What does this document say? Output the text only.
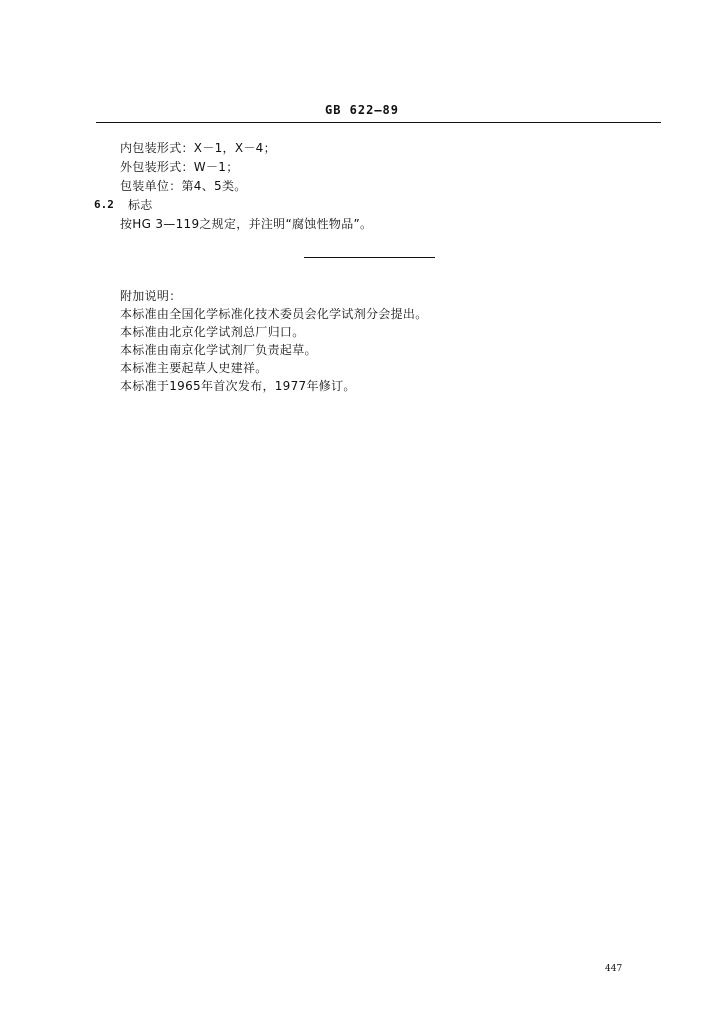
GB 622—89
内包装形式：X－1，X－4；
外包装形式：W－1；
包装单位：第4、5类。
6.2 标志
按HG 3—119之规定，并注明“腐蚀性物品”。
附加说明：
本标准由全国化学标准化技术委员会化学试剂分会提出。
本标准由北京化学试剂总厂归口。
本标准由南京化学试剂厂负责起草。
本标准主要起草人史建祥。
本标准于1965年首次发布，1977年修订。
447
